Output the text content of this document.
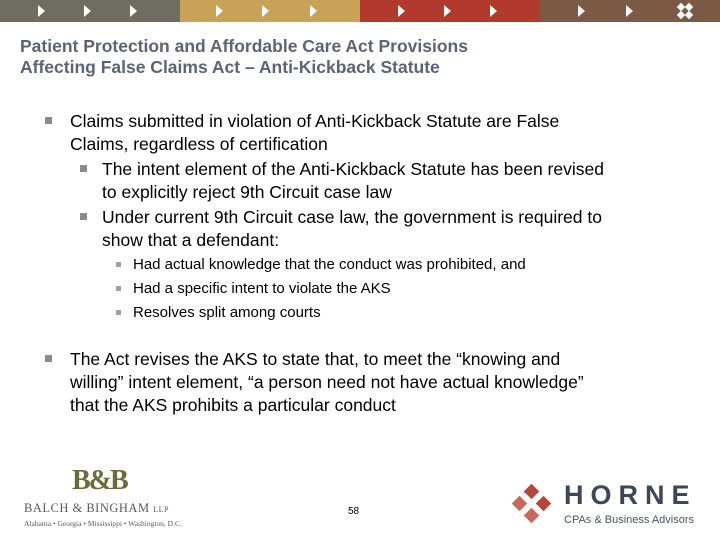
Patient Protection and Affordable Care Act Provisions
Affecting False Claims Act – Anti-Kickback Statute
Claims submitted in violation of Anti-Kickback Statute are False
Claims, regardless of certification
The intent element of the Anti-Kickback Statute has been revised
to explicitly reject 9th Circuit case law
Under current 9th Circuit case law, the government is required to
show that a defendant:
Had actual knowledge that the conduct was prohibited, and
Had a specific intent to violate the AKS
Resolves split among courts
The Act revises the AKS to state that, to meet the “knowing and
willing” intent element, “a person need not have actual knowledge”
that the AKS prohibits a particular conduct
B&B
BALCH & BINGHAM LLP
Alabama • Georgia • Mississippi • Washington, D.C.
58
HORNE
CPAs & Business Advisors
